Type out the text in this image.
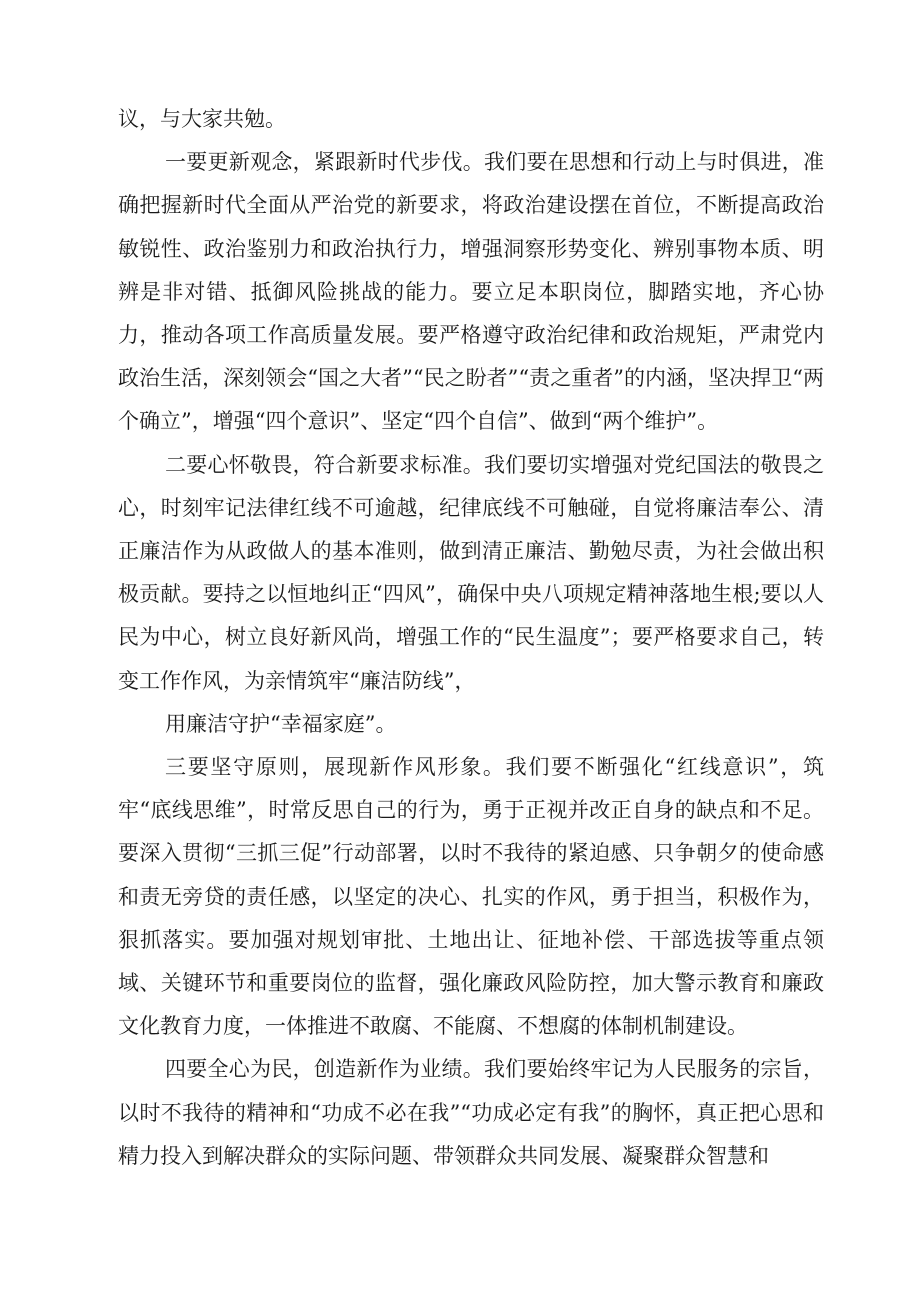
议，与大家共勉。

一要更新观念，紧跟新时代步伐。我们要在思想和行动上与时俱进，准确把握新时代全面从严治党的新要求，将政治建设摆在首位，不断提高政治敏锐性、政治鉴别力和政治执行力，增强洞察形势变化、辨别事物本质、明辨是非对错、抵御风险挑战的能力。要立足本职岗位，脚踏实地，齐心协力，推动各项工作高质量发展。要严格遵守政治纪律和政治规矩，严肃党内政治生活，深刻领会“国之大者”“民之盼者”“责之重者”的内涵，坚决捍卫“两个确立”，增强“四个意识”、坚定“四个自信”、做到“两个维护”。

二要心怀敬畏，符合新要求标准。我们要切实增强对党纪国法的敬畏之心，时刻牢记法律红线不可逾越，纪律底线不可触碰，自觉将廉洁奉公、清正廉洁作为从政做人的基本准则，做到清正廉洁、勤勉尽责，为社会做出积极贡献。要持之以恒地纠正“四风”，确保中央八项规定精神落地生根;要以人民为中心，树立良好新风尚，增强工作的“民生温度”；要严格要求自己，转变工作作风，为亲情筑牢“廉洁防线”，

用廉洁守护“幸福家庭”。

三要坚守原则，展现新作风形象。我们要不断强化“红线意识”，筑牢“底线思维”，时常反思自己的行为，勇于正视并改正自身的缺点和不足。要深入贯彻“三抓三促”行动部署，以时不我待的紧迫感、只争朝夕的使命感和责无旁贷的责任感，以坚定的决心、扎实的作风，勇于担当，积极作为，狠抓落实。要加强对规划审批、土地出让、征地补偿、干部选拔等重点领域、关键环节和重要岗位的监督，强化廉政风险防控，加大警示教育和廉政文化教育力度，一体推进不敢腐、不能腐、不想腐的体制机制建设。

四要全心为民，创造新作为业绩。我们要始终牢记为人民服务的宗旨，以时不我待的精神和“功成不必在我”“功成必定有我”的胸怀，真正把心思和精力投入到解决群众的实际问题、带领群众共同发展、凝聚群众智慧和
